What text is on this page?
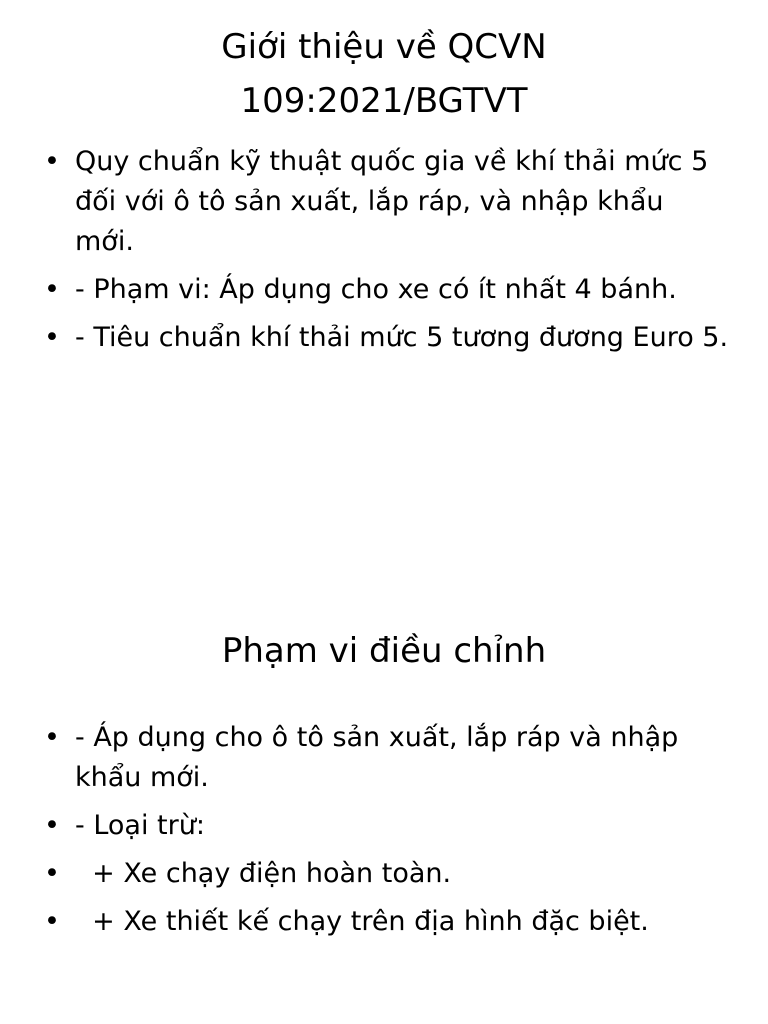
Giới thiệu về QCVN
109:2021/BGTVT
• Quy chuẩn kỹ thuật quốc gia về khí thải mức 5 đối với ô tô sản xuất, lắp ráp, và nhập khẩu mới.
• - Phạm vi: Áp dụng cho xe có ít nhất 4 bánh.
• - Tiêu chuẩn khí thải mức 5 tương đương Euro 5.
Phạm vi điều chỉnh
• - Áp dụng cho ô tô sản xuất, lắp ráp và nhập khẩu mới.
• - Loại trừ:
• + Xe chạy điện hoàn toàn.
• + Xe thiết kế chạy trên địa hình đặc biệt.
